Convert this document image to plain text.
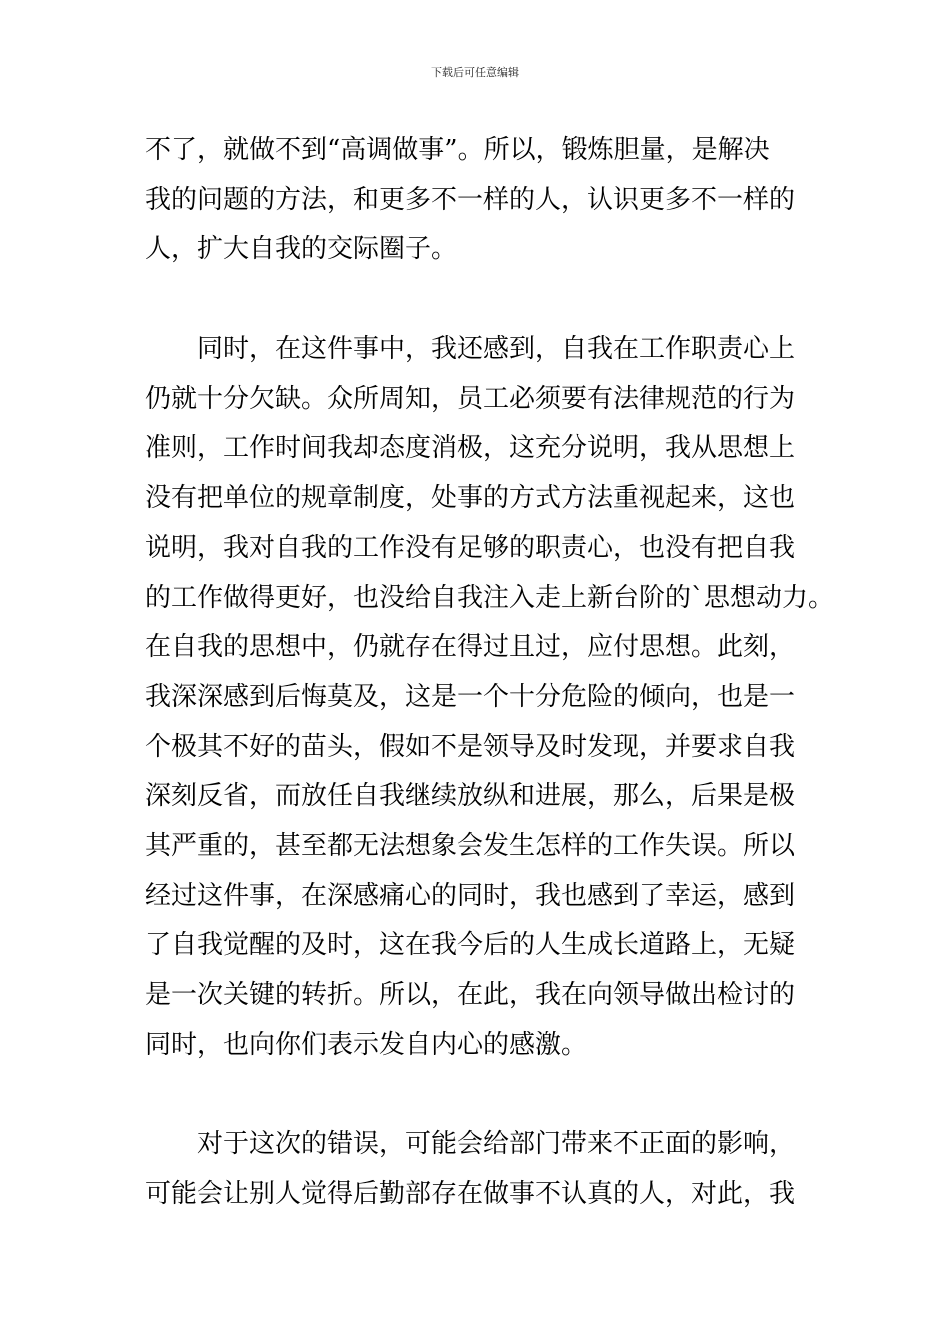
下载后可任意编辑
不了，就做不到“高调做事”。所以，锻炼胆量，是解决
我的问题的方法，和更多不一样的人，认识更多不一样的
人，扩大自我的交际圈子。
同时，在这件事中，我还感到，自我在工作职责心上
仍就十分欠缺。众所周知，员工必须要有法律规范的行为
准则，工作时间我却态度消极，这充分说明，我从思想上
没有把单位的规章制度，处事的方式方法重视起来，这也
说明，我对自我的工作没有足够的职责心，也没有把自我
的工作做得更好，也没给自我注入走上新台阶的`思想动力。
在自我的思想中，仍就存在得过且过，应付思想。此刻，
我深深感到后悔莫及，这是一个十分危险的倾向，也是一
个极其不好的苗头，假如不是领导及时发现，并要求自我
深刻反省，而放任自我继续放纵和进展，那么，后果是极
其严重的，甚至都无法想象会发生怎样的工作失误。所以
经过这件事，在深感痛心的同时，我也感到了幸运，感到
了自我觉醒的及时，这在我今后的人生成长道路上，无疑
是一次关键的转折。所以，在此，我在向领导做出检讨的
同时，也向你们表示发自内心的感激。
对于这次的错误，可能会给部门带来不正面的影响，
可能会让别人觉得后勤部存在做事不认真的人，对此，我
